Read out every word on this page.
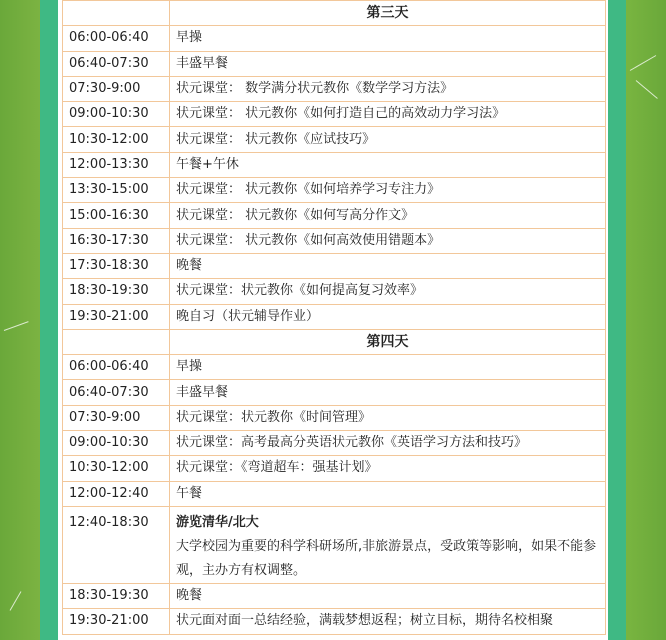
	第三天
06:00-06:40	早操
06:40-07:30	丰盛早餐
07:30-9:00	状元课堂： 数学满分状元教你《数学学习方法》
09:00-10:30	状元课堂： 状元教你《如何打造自己的高效动力学习法》
10:30-12:00	状元课堂： 状元教你《应试技巧》
12:00-13:30	午餐+午休
13:30-15:00	状元课堂： 状元教你《如何培养学习专注力》
15:00-16:30	状元课堂： 状元教你《如何写高分作文》
16:30-17:30	状元课堂： 状元教你《如何高效使用错题本》
17:30-18:30	晚餐
18:30-19:30	状元课堂：状元教你《如何提高复习效率》
19:30-21:00	晚自习（状元辅导作业）
	第四天
06:00-06:40	早操
06:40-07:30	丰盛早餐
07:30-9:00	状元课堂：状元教你《时间管理》
09:00-10:30	状元课堂：高考最高分英语状元教你《英语学习方法和技巧》
10:30-12:00	状元课堂：《弯道超车：强基计划》
12:00-12:40	午餐
12:40-18:30	游览清华/北大
大学校园为重要的科学科研场所,非旅游景点，受政策等影响，如果不能参观，主办方有权调整。

18:30-19:30	晚餐
19:30-21:00	状元面对面一总结经验，满载梦想返程；树立目标，期待名校相聚
